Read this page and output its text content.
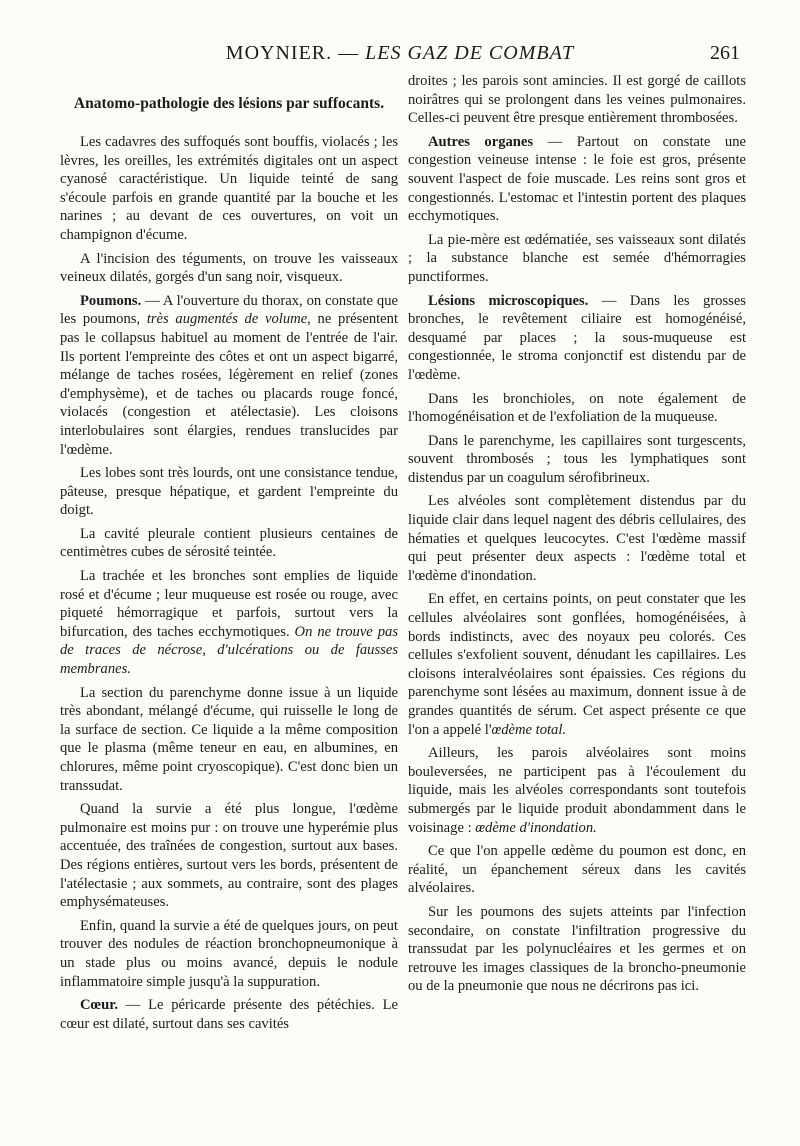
MOYNIER. — LES GAZ DE COMBAT	261
Anatomo-pathologie des lésions par suffocants.

Les cadavres des suffoqués sont bouffis, violacés ; les lèvres, les oreilles, les extrémités digitales ont un aspect cyanosé caractéristique. Un liquide teinté de sang s'écoule parfois en grande quantité par la bouche et les narines ; au devant de ces ouvertures, on voit un champignon d'écume.

A l'incision des téguments, on trouve les vaisseaux veineux dilatés, gorgés d'un sang noir, visqueux.

Poumons. — A l'ouverture du thorax, on constate que les poumons, très augmentés de volume, ne présentent pas le collapsus habituel au moment de l'entrée de l'air. Ils portent l'empreinte des côtes et ont un aspect bigarré, mélange de taches rosées, légèrement en relief (zones d'emphysème), et de taches ou placards rouge foncé, violacés (congestion et atélectasie). Les cloisons interlobulaires sont élargies, rendues translucides par l'œdème.

Les lobes sont très lourds, ont une consistance tendue, pâteuse, presque hépatique, et gardent l'empreinte du doigt.

La cavité pleurale contient plusieurs centaines de centimètres cubes de sérosité teintée.

La trachée et les bronches sont emplies de liquide rosé et d'écume ; leur muqueuse est rosée ou rouge, avec piqueté hémorragique et parfois, surtout vers la bifurcation, des taches ecchymotiques. On ne trouve pas de traces de nécrose, d'ulcérations ou de fausses membranes.

La section du parenchyme donne issue à un liquide très abondant, mélangé d'écume, qui ruisselle le long de la surface de section. Ce liquide a la même composition que le plasma (même teneur en eau, en albumines, en chlorures, même point cryoscopique). C'est donc bien un transsudat.

Quand la survie a été plus longue, l'œdème pulmonaire est moins pur : on trouve une hyperémie plus accentuée, des traînées de congestion, surtout aux bases. Des régions entières, surtout vers les bords, présentent de l'atélectasie ; aux sommets, au contraire, sont des plages emphysémateuses.

Enfin, quand la survie a été de quelques jours, on peut trouver des nodules de réaction bronchopneumonique à un stade plus ou moins avancé, depuis le nodule inflammatoire simple jusqu'à la suppuration.

Cœur. — Le péricarde présente des pétéchies. Le cœur est dilaté, surtout dans ses cavités

droites ; les parois sont amincies. Il est gorgé de caillots noirâtres qui se prolongent dans les veines pulmonaires. Celles-ci peuvent être presque entièrement thrombosées.

Autres organes — Partout on constate une congestion veineuse intense : le foie est gros, présente souvent l'aspect de foie muscade. Les reins sont gros et congestionnés. L'estomac et l'intestin portent des plaques ecchymotiques.

La pie-mère est œdématiée, ses vaisseaux sont dilatés ; la substance blanche est semée d'hémorragies punctiformes.

Lésions microscopiques. — Dans les grosses bronches, le revêtement ciliaire est homogénéisé, desquamé par places ; la sous-muqueuse est congestionnée, le stroma conjonctif est distendu par de l'œdème.

Dans les bronchioles, on note également de l'homogénéisation et de l'exfoliation de la muqueuse.

Dans le parenchyme, les capillaires sont turgescents, souvent thrombosés ; tous les lymphatiques sont distendus par un coagulum sérofibrineux.

Les alvéoles sont complètement distendus par du liquide clair dans lequel nagent des débris cellulaires, des hématies et quelques leucocytes. C'est l'œdème massif qui peut présenter deux aspects : l'œdème total et l'œdème d'inondation.

En effet, en certains points, on peut constater que les cellules alvéolaires sont gonflées, homogénéisées, à bords indistincts, avec des noyaux peu colorés. Ces cellules s'exfolient souvent, dénudant les capillaires. Les cloisons interalvéolaires sont épaissies. Ces régions du parenchyme sont lésées au maximum, donnent issue à de grandes quantités de sérum. Cet aspect présente ce que l'on a appelé l'œdème total.

Ailleurs, les parois alvéolaires sont moins bouleversées, ne participent pas à l'écoulement du liquide, mais les alvéoles correspondants sont toutefois submergés par le liquide produit abondamment dans le voisinage : œdème d'inondation.

Ce que l'on appelle œdème du poumon est donc, en réalité, un épanchement séreux dans les cavités alvéolaires.

Sur les poumons des sujets atteints par l'infection secondaire, on constate l'infiltration progressive du transsudat par les polynucléaires et les germes et on retrouve les images classiques de la broncho-pneumonie ou de la pneumonie que nous ne décrirons pas ici.
